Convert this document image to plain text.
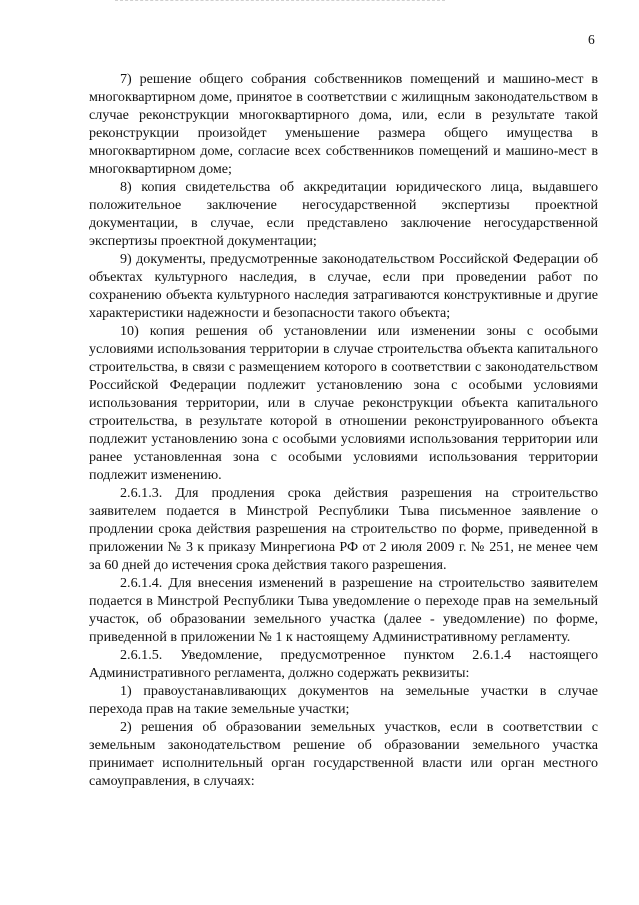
6

7) решение общего собрания собственников помещений и машино-мест в многоквартирном доме, принятое в соответствии с жилищным законодательством в случае реконструкции многоквартирного дома, или, если в результате такой реконструкции произойдет уменьшение размера общего имущества в многоквартирном доме, согласие всех собственников помещений и машино-мест в многоквартирном доме;

8) копия свидетельства об аккредитации юридического лица, выдавшего положительное заключение негосударственной экспертизы проектной документации, в случае, если представлено заключение негосударственной экспертизы проектной документации;

9) документы, предусмотренные законодательством Российской Федерации об объектах культурного наследия, в случае, если при проведении работ по сохранению объекта культурного наследия затрагиваются конструктивные и другие характеристики надежности и безопасности такого объекта;

10) копия решения об установлении или изменении зоны с особыми условиями использования территории в случае строительства объекта капитального строительства, в связи с размещением которого в соответствии с законодательством Российской Федерации подлежит установлению зона с особыми условиями использования территории, или в случае реконструкции объекта капитального строительства, в результате которой в отношении реконструированного объекта подлежит установлению зона с особыми условиями использования территории или ранее установленная зона с особыми условиями использования территории подлежит изменению.

2.6.1.3. Для продления срока действия разрешения на строительство заявителем подается в Минстрой Республики Тыва письменное заявление о продлении срока действия разрешения на строительство по форме, приведенной в приложении № 3 к приказу Минрегиона РФ от 2 июля 2009 г. № 251, не менее чем за 60 дней до истечения срока действия такого разрешения.

2.6.1.4. Для внесения изменений в разрешение на строительство заявителем подается в Минстрой Республики Тыва уведомление о переходе прав на земельный участок, об образовании земельного участка (далее - уведомление) по форме, приведенной в приложении № 1 к настоящему Административному регламенту.

2.6.1.5. Уведомление, предусмотренное пунктом 2.6.1.4 настоящего Административного регламента, должно содержать реквизиты:

1) правоустанавливающих документов на земельные участки в случае перехода прав на такие земельные участки;

2) решения об образовании земельных участков, если в соответствии с земельным законодательством решение об образовании земельного участка принимает исполнительный орган государственной власти или орган местного самоуправления, в случаях:
